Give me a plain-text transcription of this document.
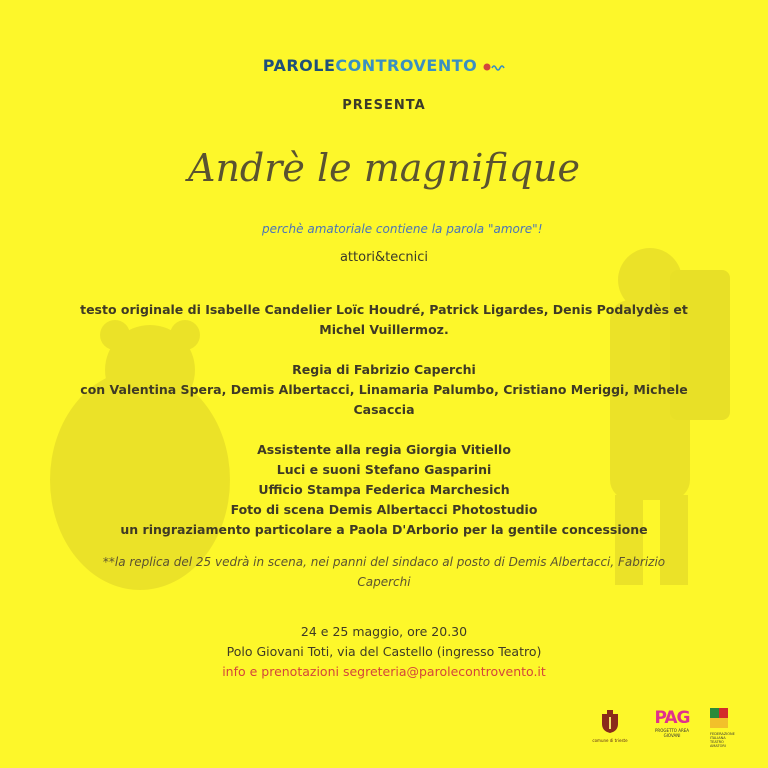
PAROLECONTROVENTO
PRESENTA
Andrè le magnifique
perchè amatoriale contiene la parola "amore"!
attori&tecnici

testo originale di Isabelle Candelier Loïc Houdré, Patrick Ligardes, Denis Podalydès et

Michel Vuillermoz.

Regia di Fabrizio Caperchi

con Valentina Spera, Demis Albertacci, Linamaria Palumbo, Cristiano Meriggi, Michele

Casaccia

Assistente alla regia Giorgia Vitiello

Luci e suoni Stefano Gasparini

Ufficio Stampa Federica Marchesich

Foto di scena Demis Albertacci Photostudio

un ringraziamento particolare a Paola D'Arborio per la gentile concessione

**la replica del 25 vedrà in scena, nei panni del sindaco al posto di Demis Albertacci, Fabrizio
Caperchi
24 e 25 maggio, ore 20.30
Polo Giovani Toti, via del Castello (ingresso Teatro)
info e prenotazioni segreteria@parolecontrovento.it
comune di trieste
PAG
PROGETTO AREA GIOVANI	FEDERAZIONE ITALIANA TEATRO AMATORI
